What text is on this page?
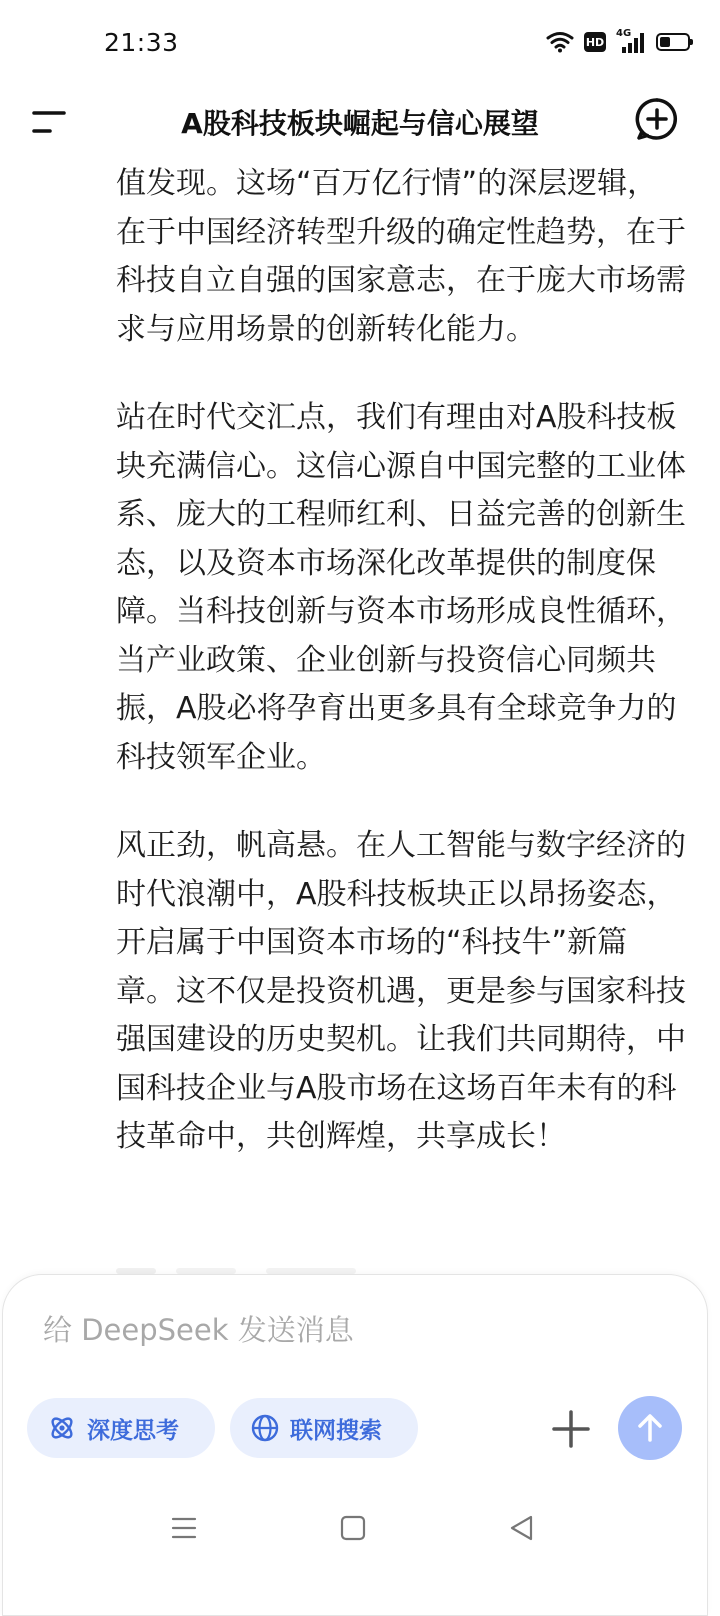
21:33	HD
4G
A股科技板块崛起与信心展望

值发现。这场“百万亿行情”的深层逻辑，在于中国经济转型升级的确定性趋势，在于科技自立自强的国家意志，在于庞大市场需求与应用场景的创新转化能力。

站在时代交汇点，我们有理由对A股科技板块充满信心。这信心源自中国完整的工业体系、庞大的工程师红利、日益完善的创新生态，以及资本市场深化改革提供的制度保障。当科技创新与资本市场形成良性循环，当产业政策、企业创新与投资信心同频共振，A股必将孕育出更多具有全球竞争力的科技领军企业。

风正劲，帆高悬。在人工智能与数字经济的时代浪潮中，A股科技板块正以昂扬姿态，开启属于中国资本市场的“科技牛”新篇章。这不仅是投资机遇，更是参与国家科技强国建设的历史契机。让我们共同期待，中国科技企业与A股市场在这场百年未有的科技革命中，共创辉煌，共享成长！

给 DeepSeek 发送消息
深度思考	联网搜索
